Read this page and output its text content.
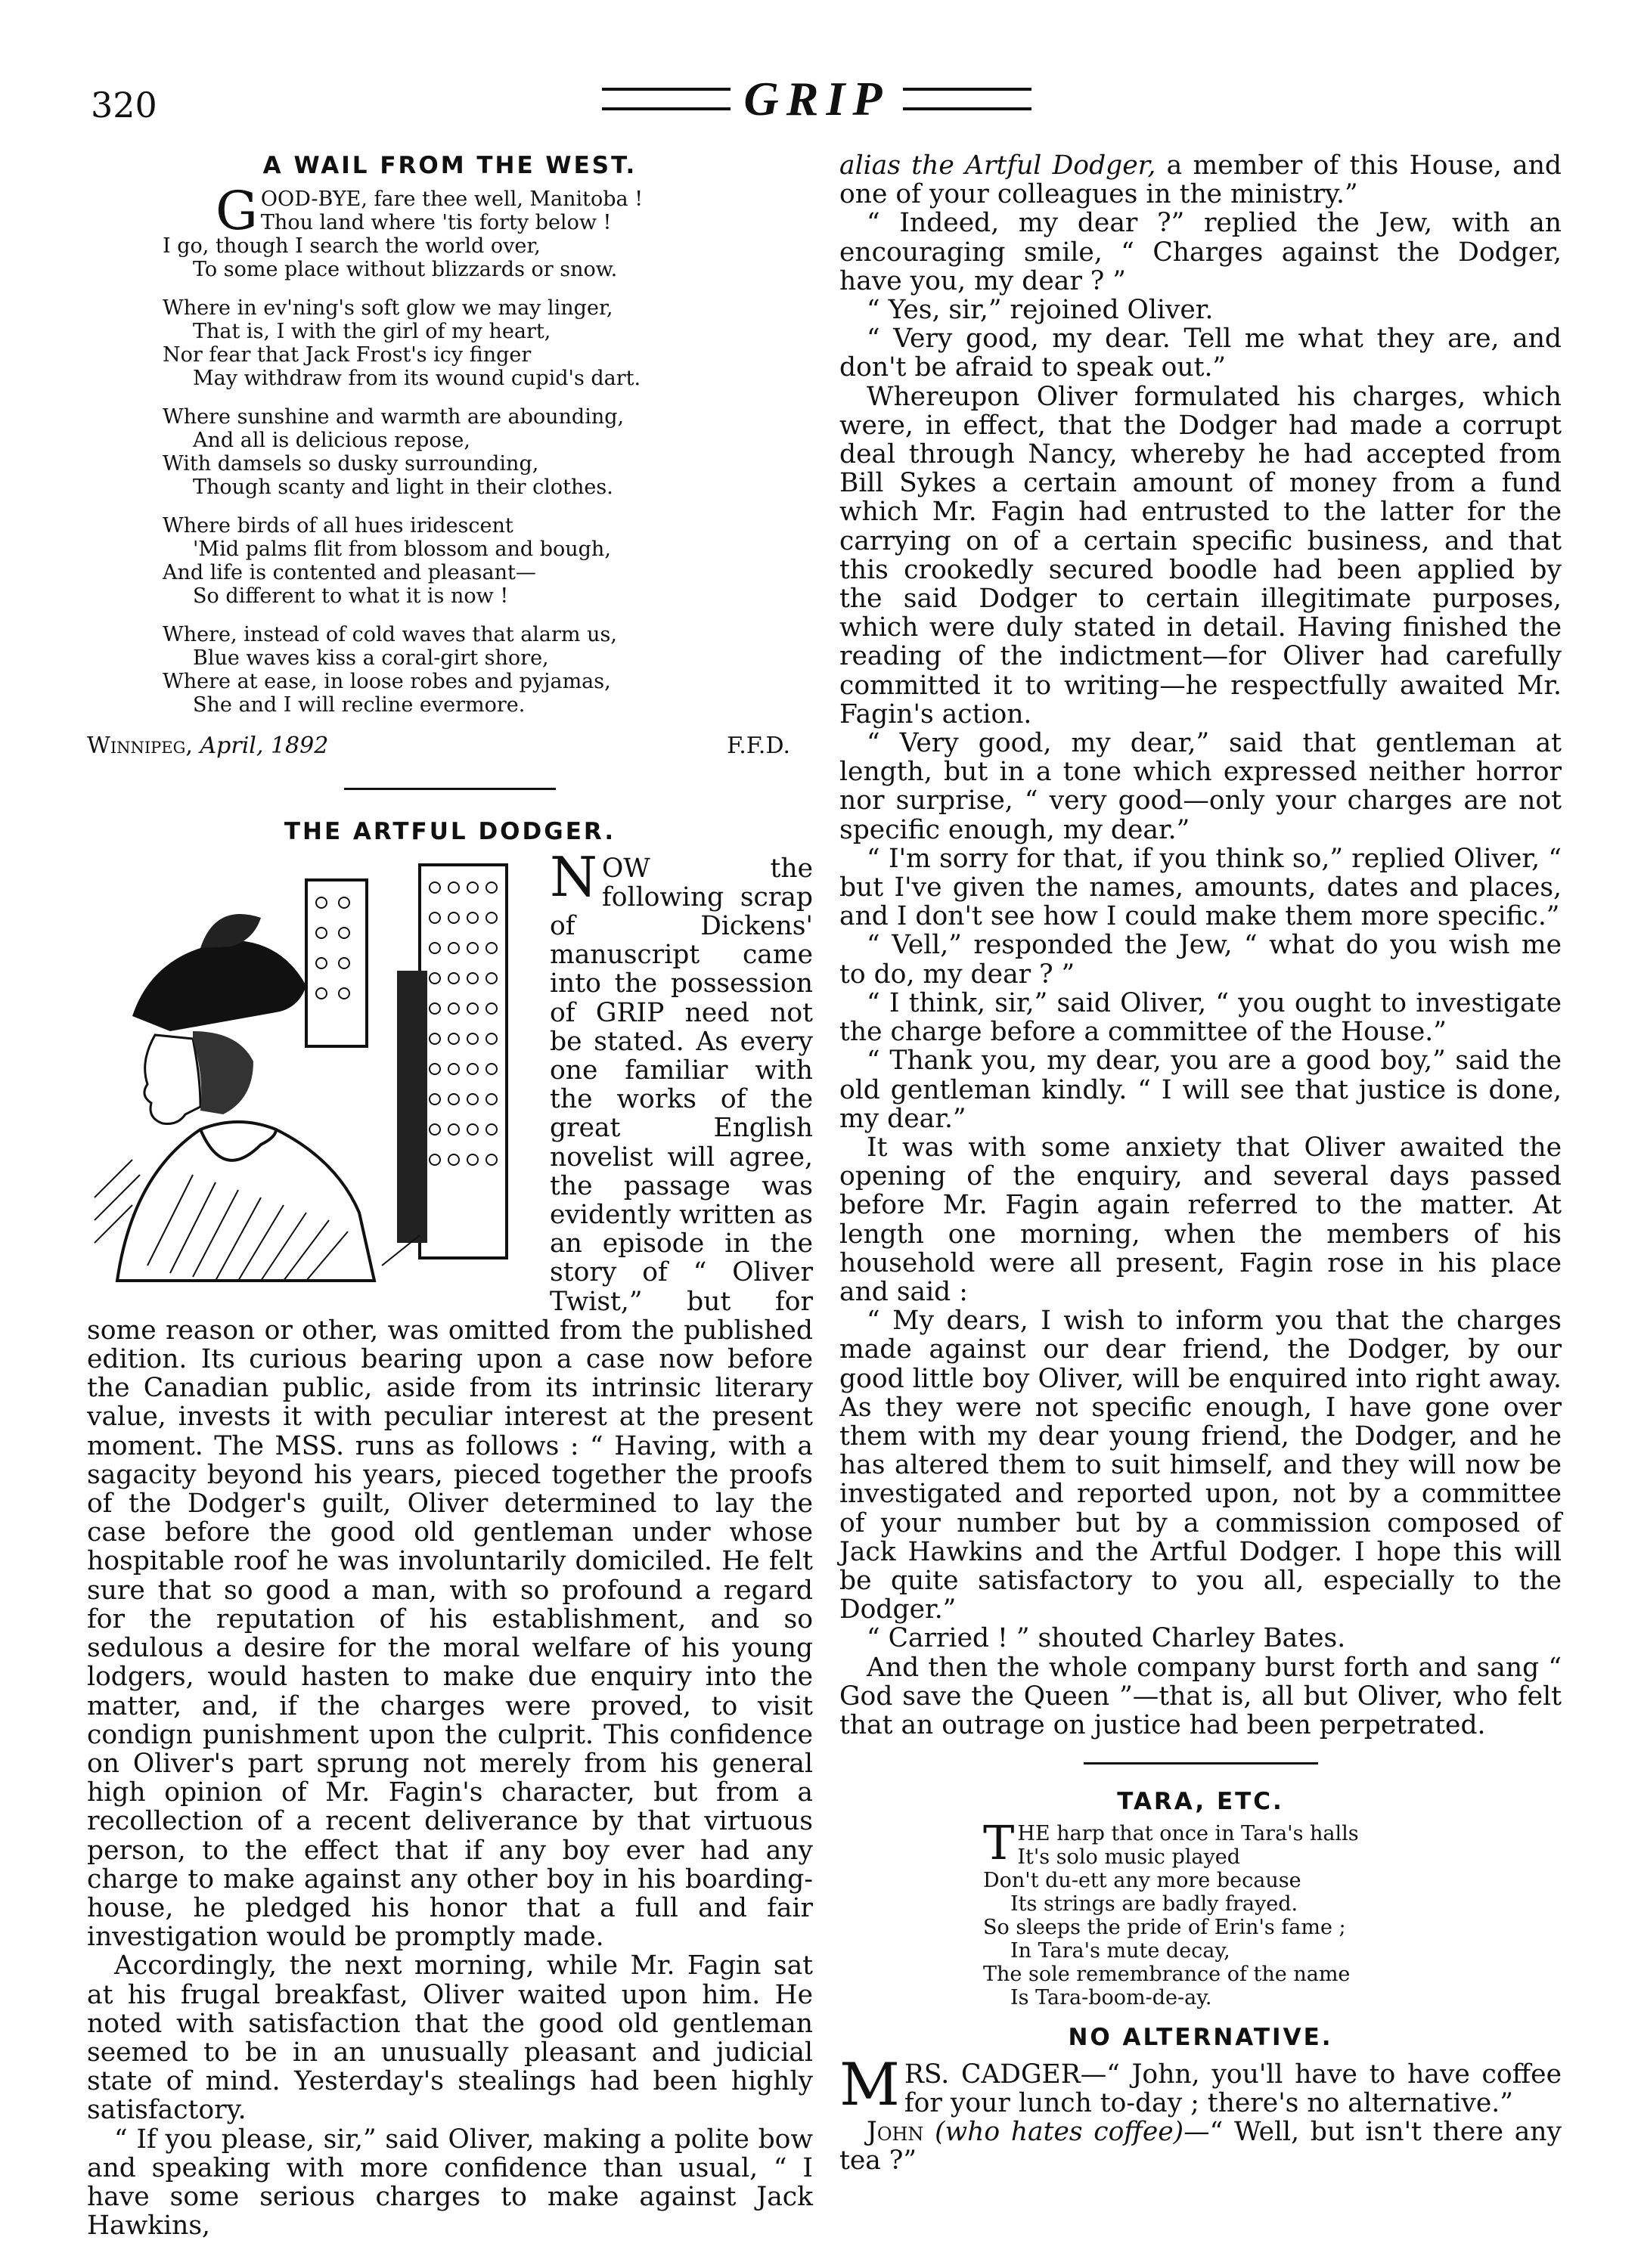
320	GRIP
A WAIL FROM THE WEST.
G OOD-BYE, fare thee well, Manitoba !
Thou land where 'tis forty below !
I go, though I search the world over,
To some place without blizzards or snow.
Where in ev'ning's soft glow we may linger,
That is, I with the girl of my heart,
Nor fear that Jack Frost's icy finger
May withdraw from its wound cupid's dart.
Where sunshine and warmth are abounding,
And all is delicious repose,
With damsels so dusky surrounding,
Though scanty and light in their clothes.
Where birds of all hues iridescent
'Mid palms flit from blossom and bough,
And life is contented and pleasant—
So different to what it is now !
Where, instead of cold waves that alarm us,
Blue waves kiss a coral-girt shore,
Where at ease, in loose robes and pyjamas,
She and I will recline evermore.
Winnipeg, April, 1892	F.F.D.
THE ARTFUL DODGER.

NOW the following scrap of Dickens' manuscript came into the possession of GRIP need not be stated. As every one familiar with the works of the great English novelist will agree, the passage was evidently written as an episode in the story of “ Oliver Twist,” but for some reason or other, was omitted from the published edition. Its curious bearing upon a case now before the Canadian public, aside from its intrinsic literary value, invests it with peculiar interest at the present moment. The MSS. runs as follows : “ Having, with a sagacity beyond his years, pieced together the proofs of the Dodger's guilt, Oliver determined to lay the case before the good old gentleman under whose hospitable roof he was involuntarily domiciled. He felt sure that so good a man, with so profound a regard for the reputation of his establishment, and so sedulous a desire for the moral welfare of his young lodgers, would hasten to make due enquiry into the matter, and, if the charges were proved, to visit condign punishment upon the culprit. This confidence on Oliver's part sprung not merely from his general high opinion of Mr. Fagin's character, but from a recollection of a recent deliverance by that virtuous person, to the effect that if any boy ever had any charge to make against any other boy in his boarding-house, he pledged his honor that a full and fair investigation would be promptly made.

Accordingly, the next morning, while Mr. Fagin sat at his frugal breakfast, Oliver waited upon him. He noted with satisfaction that the good old gentleman seemed to be in an unusually pleasant and judicial state of mind. Yesterday's stealings had been highly satisfactory.

“ If you please, sir,” said Oliver, making a polite bow and speaking with more confidence than usual, “ I have some serious charges to make against Jack Hawkins,

alias the Artful Dodger, a member of this House, and one of your colleagues in the ministry.”

“ Indeed, my dear ?” replied the Jew, with an encouraging smile, “ Charges against the Dodger, have you, my dear ? ”

“ Yes, sir,” rejoined Oliver.

“ Very good, my dear. Tell me what they are, and don't be afraid to speak out.”

Whereupon Oliver formulated his charges, which were, in effect, that the Dodger had made a corrupt deal through Nancy, whereby he had accepted from Bill Sykes a certain amount of money from a fund which Mr. Fagin had entrusted to the latter for the carrying on of a certain specific business, and that this crookedly secured boodle had been applied by the said Dodger to certain illegitimate purposes, which were duly stated in detail. Having finished the reading of the indictment—for Oliver had carefully committed it to writing—he respectfully awaited Mr. Fagin's action.

“ Very good, my dear,” said that gentleman at length, but in a tone which expressed neither horror nor surprise, “ very good—only your charges are not specific enough, my dear.”

“ I'm sorry for that, if you think so,” replied Oliver, “ but I've given the names, amounts, dates and places, and I don't see how I could make them more specific.”

“ Vell,” responded the Jew, “ what do you wish me to do, my dear ? ”

“ I think, sir,” said Oliver, “ you ought to investigate the charge before a committee of the House.”

“ Thank you, my dear, you are a good boy,” said the old gentleman kindly. “ I will see that justice is done, my dear.”

It was with some anxiety that Oliver awaited the opening of the enquiry, and several days passed before Mr. Fagin again referred to the matter. At length one morning, when the members of his household were all present, Fagin rose in his place and said :

“ My dears, I wish to inform you that the charges made against our dear friend, the Dodger, by our good little boy Oliver, will be enquired into right away. As they were not specific enough, I have gone over them with my dear young friend, the Dodger, and he has altered them to suit himself, and they will now be investigated and reported upon, not by a committee of your number but by a commission composed of Jack Hawkins and the Artful Dodger. I hope this will be quite satisfactory to you all, especially to the Dodger.”

“ Carried ! ” shouted Charley Bates.

And then the whole company burst forth and sang “ God save the Queen ”—that is, all but Oliver, who felt that an outrage on justice had been perpetrated.

TARA, ETC.
T HE harp that once in Tara's halls
It's solo music played
Don't du-ett any more because
Its strings are badly frayed.
So sleeps the pride of Erin's fame ;
In Tara's mute decay,
The sole remembrance of the name
Is Tara-boom-de-ay.
NO ALTERNATIVE.

MRS. CADGER—“ John, you'll have to have coffee for your lunch to-day ; there's no alternative.”

John (who hates coffee)—“ Well, but isn't there any tea ?”
